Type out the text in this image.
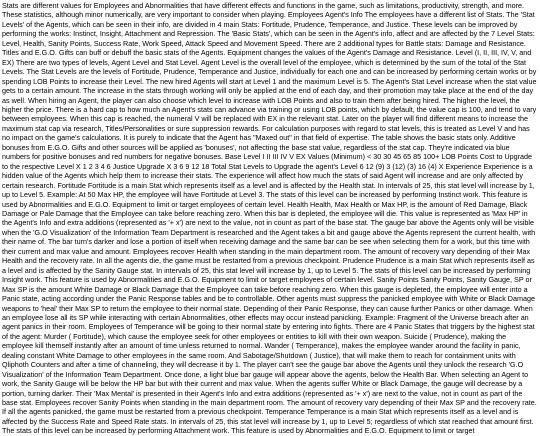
Stats are different values for Employees and Abnormalities that have different effects and functions in the game, such as limitations, productivity, strength, and more. These statistics, although minor numerically, are very important to consider when playing. Employees Agent's Info The employees have a different list of Stats. The 'Stat Levels' of the Agents, which can be seen in their info, are divided in 4 main Stats: Fortitude, Prudence, Temperance, and Justice. These levels can be improved by performing the works: Instinct, Insight, Attachment and Repression. The 'Basic Stats', which can be seen in the Agent's info, affect and are affected by the 7 Level Stats: Level, Health, Sanity Points, Success Rate, Work Speed, Attack Speed and Movement Speed. There are 2 additional types for Battle stats: Damage and Resistance. Titles and E.G.O. Gifts can buff or debuff the basic stats of the Agents. Equipment changes the values of the Agent's Damage and Resistance. Level (I, II, III, IV, V, and EX) There are two types of levels, Agent Level and Stat Level. Agent Level is the overall level of the employee, which is determined by the sum of the total of the Stat Levels. The Stat Levels are the levels of Fortitude, Prudence, Temperance and Justice, individually for each one and can be increased by performing certain works or by spending LOB Points to increase their Level. The new hired Agents will start at Level 1 and the maximum Level is 5. The Agent's Stat Level increase when the stat value gets to a certain amount. The increase in the stats through working will only be applied at the end of each day, and their promotion may take place at the end of the day as well. When hiring an Agent, the player can also choose which level to increase with LOB Points and also to train them after being hired. The higher the level, the higher the price. There is a hard cap to how much an Agent's stats can advance via training or using LOB points, which by default, the value cap is 100, and tend to vary between employees. When this cap is reached, the numeral V will be replaced with EX in the relevant stat. Later on the player will find different means to increase the maximum stat cap via research, Titles/Personalities or sure suppression rewards. For calculation purposes with regard to stat levels, this is treated as Level V and has no impact on the game's calculations. It is purely to indicate that the Agent has "Maxed out" in that field of expertise. The table shows the basic stats only. Additive bonuses from E.G.O. Gifts and other sources will be applied as 'bonuses', not affecting the base stat value, regardless of the stat cap. They're indicated via blue numbers for positive bonuses and red numbers for negative bonuses. Base Level I II III IV V EX Values (Minimum) < 30 30 45 65 85 100+ LOB Points Cost to Upgrade to the respective Level X 1 2 3 4 6 Justice Upgrade X 3 6 9 12 18 Total Stat Levels to Upgrade the agent's Level 6 12 (9) 3 (12) (3) 16 (4) X Experience Experience is a hidden value of the Agents which help them to increase their stats. The experience will affect how much the stats of said Agent will increase and are only affected by certain research. Fortitude Fortitude is a main Stat which represents itself as a level and is affected by the Health stat. In intervals of 25, this stat level will increase by 1, up to Level 5. Example: At 50 Max HP, the employee will have Fortitude at Level 3. The stats of this level can be increased by performing Instinct work. This feature is used by Abnormalities and E.G.O. Equipment to limit or target employees of certain level. Health Health, Max Health or Max HP, is the amount of Red Damage, Black Damage or Pale Damage that the Employee can take before reaching zero. When this bar is depleted, the employee will die. This value is represented as 'Max HP' in the Agent's Info and extra additions (represented as '+ x') are next to the value, not in count as part of the base stat. The gauge bar above the Agents only will be visible when the 'G.O Visualization' of the Information Team Department is researched and the Agent takes a bit and gauge above the Agents represent the current health, with their name of. The bar turn's darker and lose a portion of itself when receiving damage and the same bar can be see when selecting them for a work, but this time with their current and max value and amount. Employees recover Health when standing in the main department room. The amount of recovery vary depending of their Max Health and the recovery rate. In all the agents die, the game must be restarted from a previous checkpoint. Prudence Prudence is a main Stat which represents itself as a level and is affected by the Sanity Gauge stat. In intervals of 25, this stat level will increase by 1, up to Level 5. The stats of this level can be increased by performing Insight work. This feature is used by Abnormalities and E.G.O. Equipment to limit or target employees of certain level. Sanity Points Sanity Points, Sanity Gauge, SP or Max SP is the amount White Damage or Black Damage that the Employee can take before reaching zero. When this gauge is depleted, the employee will enter into a Panic state, acting according under the Panic Response tables and be to controllable. Other agents must suppress the panicked employee with White or Black Damage weapons to 'heal' their Max SP to return the employee to their normal state. Depending of their Panic Response, they can cause further Panics or other damage. When an employee lose all its SP while interacting with certain Abnormalities, other effects may occur instead panicking. Example: Fragment of the Universe breach after an agent panics in their room. Employees of Temperance will be going to their normal state by entering into fights. There are 4 Panic States that triggers by the highest stat of the agent: Murder ( Fortitude), which cause the employee seek for other employees or entities to kill with their own weapon. Suicide ( Prudence), making the employee kill themself instantly after an amount of time unless returned to normal. Wander ( Temperance), makes the employee wander around the facility in panic, dealing constant White Damage to other employees in the same room. And Sabotage/Shutdown ( Justice), that will make them to reach for containment units with Qliphoth Counters and after a time of channeling, they will decrease it by 1. The player can't see the gauge bar above the Agents until they unlock the research 'G.O Visualization' of the Information Team Department. Once done, a light blue bar gauge will appear above the agents, below the Health Bar. When selecting an Agent to work, the Sanity Gauge will be below the HP bar but with their current and max value. When the agents suffer White or Black Damage, the gauge will decrease by a portion, turning darker. Their 'Max Mental' is presented in their Agent's Info and extra additions (represented as '+ x') are next to the value, not in count as part of the base stat. Employees recover Sanity Points when standing in the main department room. The amount of recovery vary depending of their Max SP and the recovery rate. If all the agents panicked, the game must be restarted from a previous checkpoint. Temperance Temperance is a main Stat which represents itself as a level and is affected by the Success Rate and Speed Rate stats. In intervals of 25, this stat level will increase by 1, up to Level 5; regardless of which stat reached that amount first. The stats of this level can be increased by performing Attachment work. This feature is used by Abnormalities and E.G.O. Equipment to limit or target
